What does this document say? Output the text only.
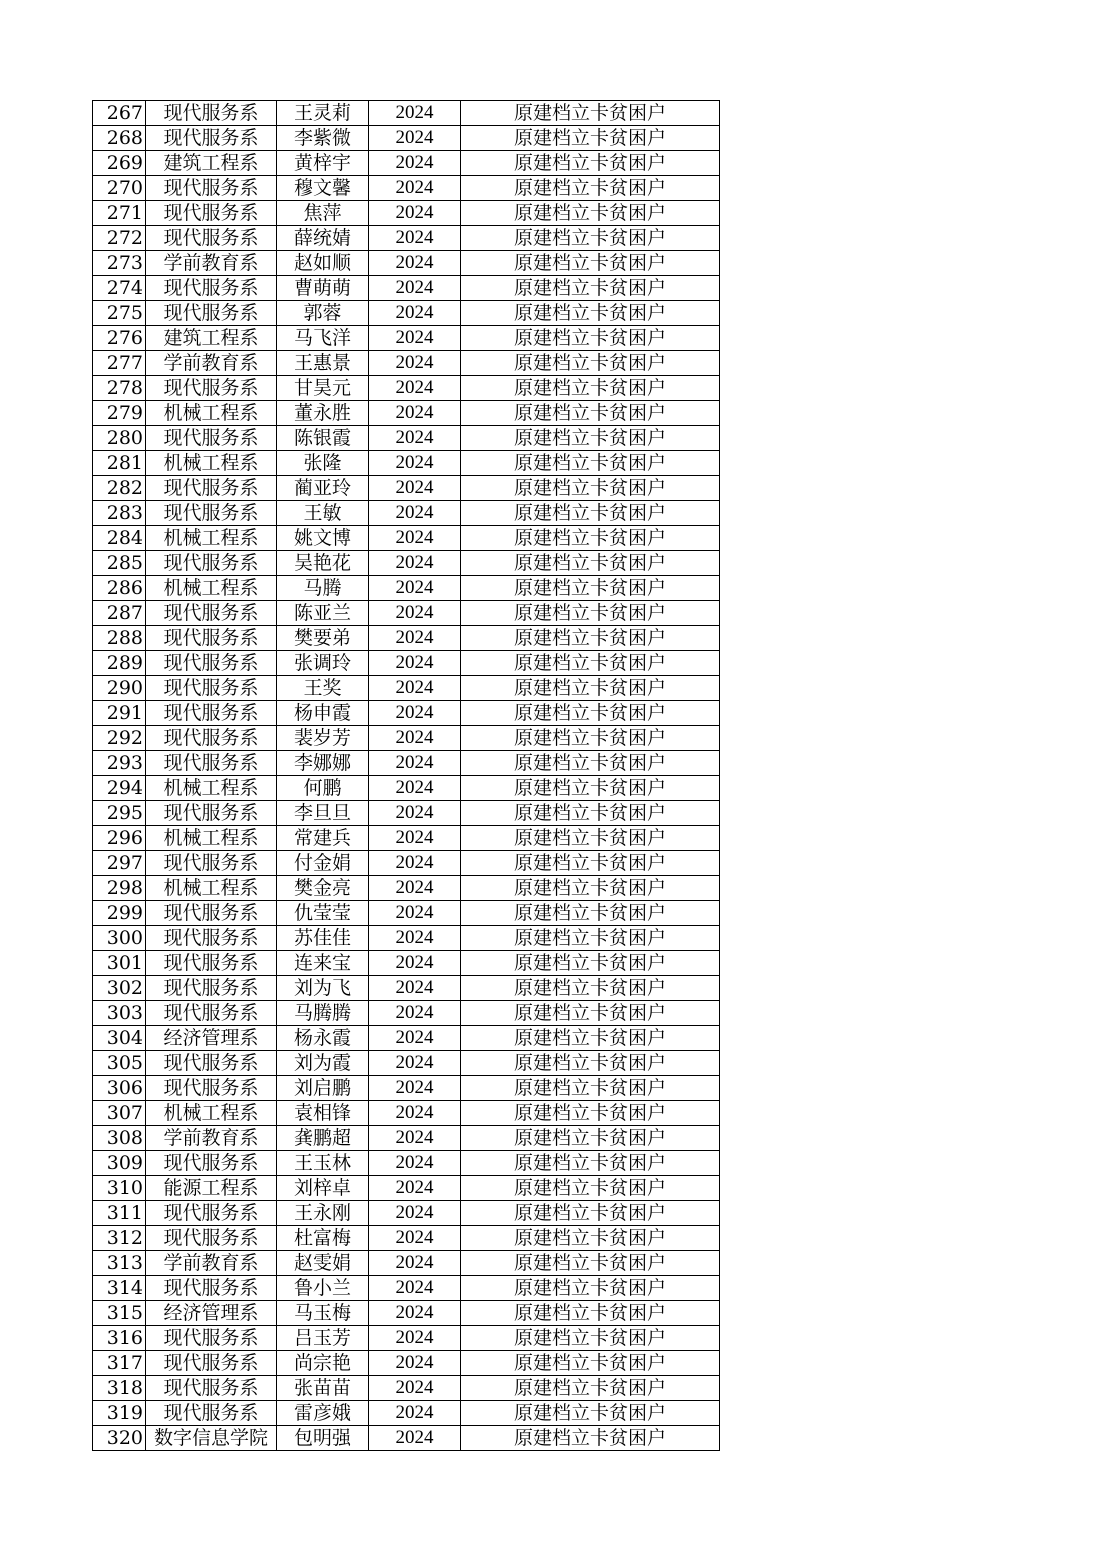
267	现代服务系	王灵莉	2024	原建档立卡贫困户
268	现代服务系	李紫微	2024	原建档立卡贫困户
269	建筑工程系	黄梓宇	2024	原建档立卡贫困户
270	现代服务系	穆文馨	2024	原建档立卡贫困户
271	现代服务系	焦萍	2024	原建档立卡贫困户
272	现代服务系	薛统婧	2024	原建档立卡贫困户
273	学前教育系	赵如顺	2024	原建档立卡贫困户
274	现代服务系	曹萌萌	2024	原建档立卡贫困户
275	现代服务系	郭蓉	2024	原建档立卡贫困户
276	建筑工程系	马飞洋	2024	原建档立卡贫困户
277	学前教育系	王惠景	2024	原建档立卡贫困户
278	现代服务系	甘昊元	2024	原建档立卡贫困户
279	机械工程系	董永胜	2024	原建档立卡贫困户
280	现代服务系	陈银霞	2024	原建档立卡贫困户
281	机械工程系	张隆	2024	原建档立卡贫困户
282	现代服务系	蔺亚玲	2024	原建档立卡贫困户
283	现代服务系	王敏	2024	原建档立卡贫困户
284	机械工程系	姚文博	2024	原建档立卡贫困户
285	现代服务系	吴艳花	2024	原建档立卡贫困户
286	机械工程系	马腾	2024	原建档立卡贫困户
287	现代服务系	陈亚兰	2024	原建档立卡贫困户
288	现代服务系	樊要弟	2024	原建档立卡贫困户
289	现代服务系	张调玲	2024	原建档立卡贫困户
290	现代服务系	王奖	2024	原建档立卡贫困户
291	现代服务系	杨申霞	2024	原建档立卡贫困户
292	现代服务系	裴岁芳	2024	原建档立卡贫困户
293	现代服务系	李娜娜	2024	原建档立卡贫困户
294	机械工程系	何鹏	2024	原建档立卡贫困户
295	现代服务系	李旦旦	2024	原建档立卡贫困户
296	机械工程系	常建兵	2024	原建档立卡贫困户
297	现代服务系	付金娟	2024	原建档立卡贫困户
298	机械工程系	樊金亮	2024	原建档立卡贫困户
299	现代服务系	仇莹莹	2024	原建档立卡贫困户
300	现代服务系	苏佳佳	2024	原建档立卡贫困户
301	现代服务系	连来宝	2024	原建档立卡贫困户
302	现代服务系	刘为飞	2024	原建档立卡贫困户
303	现代服务系	马腾腾	2024	原建档立卡贫困户
304	经济管理系	杨永霞	2024	原建档立卡贫困户
305	现代服务系	刘为霞	2024	原建档立卡贫困户
306	现代服务系	刘启鹏	2024	原建档立卡贫困户
307	机械工程系	袁相锋	2024	原建档立卡贫困户
308	学前教育系	龚鹏超	2024	原建档立卡贫困户
309	现代服务系	王玉林	2024	原建档立卡贫困户
310	能源工程系	刘梓卓	2024	原建档立卡贫困户
311	现代服务系	王永刚	2024	原建档立卡贫困户
312	现代服务系	杜富梅	2024	原建档立卡贫困户
313	学前教育系	赵雯娟	2024	原建档立卡贫困户
314	现代服务系	鲁小兰	2024	原建档立卡贫困户
315	经济管理系	马玉梅	2024	原建档立卡贫困户
316	现代服务系	吕玉芳	2024	原建档立卡贫困户
317	现代服务系	尚宗艳	2024	原建档立卡贫困户
318	现代服务系	张苗苗	2024	原建档立卡贫困户
319	现代服务系	雷彦娥	2024	原建档立卡贫困户
320	数字信息学院	包明强	2024	原建档立卡贫困户
